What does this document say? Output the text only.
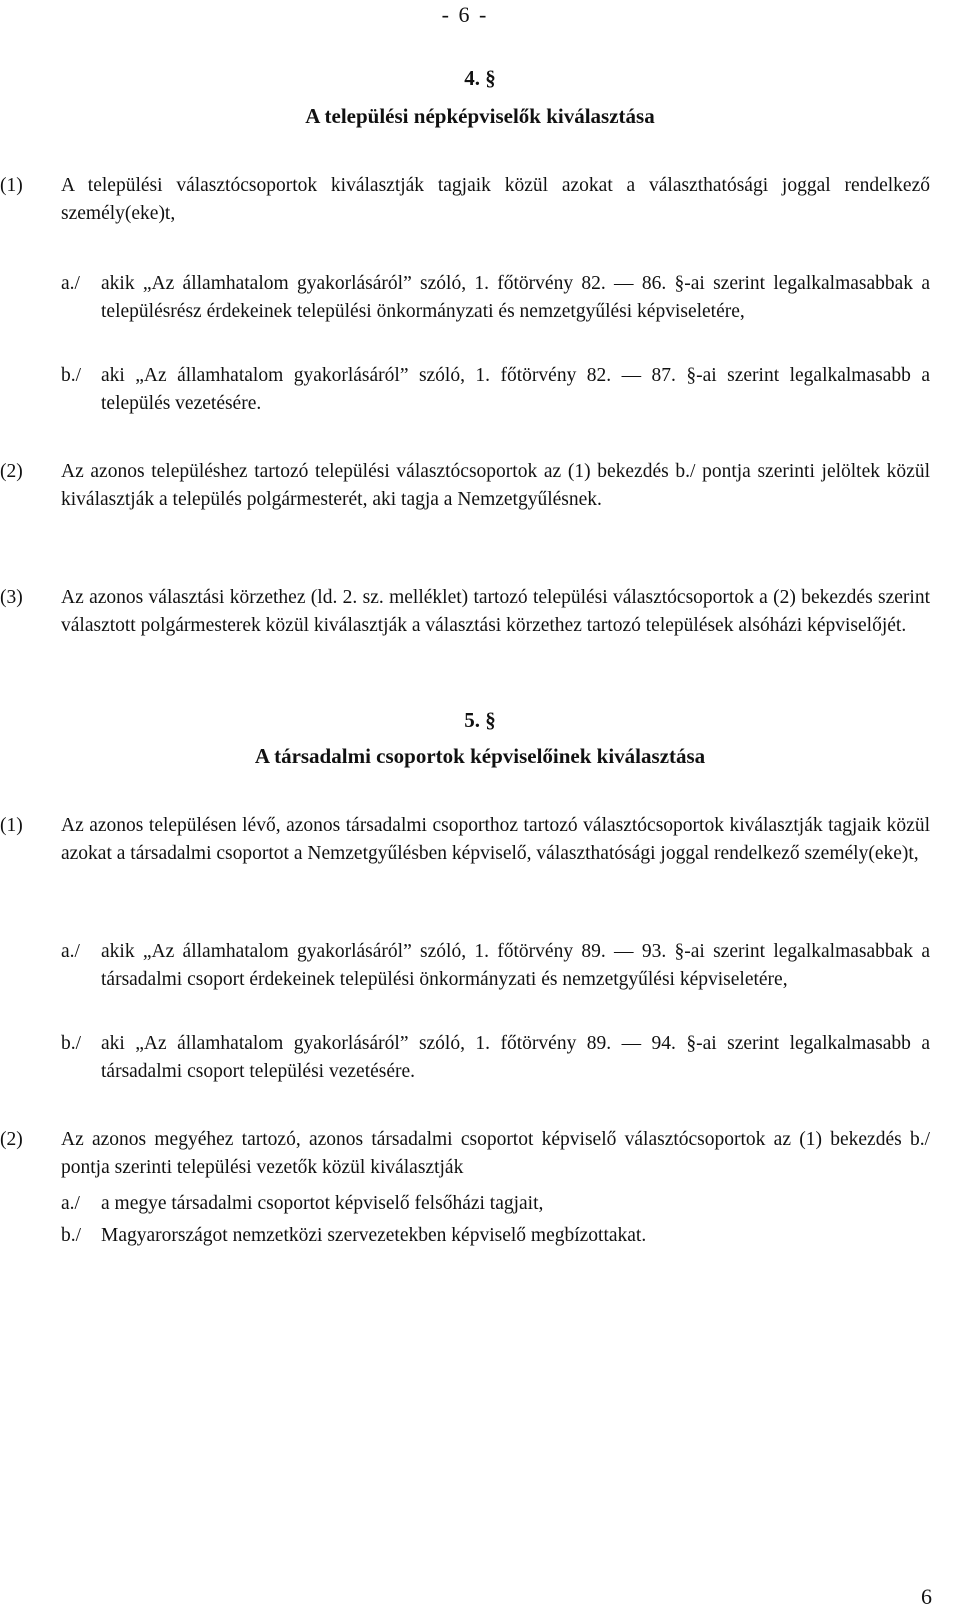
- 6 -
4. §
A települési népképviselők kiválasztása
(1) A települési választócsoportok kiválasztják tagjaik közül azokat a választhatósági joggal rendelkező személy(eke)t,
a./ akik „Az államhatalom gyakorlásáról” szóló, 1. főtörvény 82. — 86. §-ai szerint legalkalmasabbak a településrész érdekeinek települési önkormányzati és nemzetgyűlési képviseletére,
b./ aki „Az államhatalom gyakorlásáról” szóló, 1. főtörvény 82. — 87. §-ai szerint legalkalmasabb a település vezetésére.
(2) Az azonos településhez tartozó települési választócsoportok az (1) bekezdés b./ pontja szerinti jelöltek közül kiválasztják a település polgármesterét, aki tagja a Nemzetgyűlésnek.
(3) Az azonos választási körzethez (ld. 2. sz. melléklet) tartozó települési választócsoportok a (2) bekezdés szerint választott polgármesterek közül kiválasztják a választási körzethez tartozó települések alsóházi képviselőjét.
5. §
A társadalmi csoportok képviselőinek kiválasztása
(1) Az azonos településen lévő, azonos társadalmi csoporthoz tartozó választócsoportok kiválasztják tagjaik közül azokat a társadalmi csoportot a Nemzetgyűlésben képviselő, választhatósági joggal rendelkező személy(eke)t,
a./ akik „Az államhatalom gyakorlásáról” szóló, 1. főtörvény 89. — 93. §-ai szerint legalkalmasabbak a társadalmi csoport érdekeinek települési önkormányzati és nemzetgyűlési képviseletére,
b./ aki „Az államhatalom gyakorlásáról” szóló, 1. főtörvény 89. — 94. §-ai szerint legalkalmasabb a társadalmi csoport települési vezetésére.
(2) Az azonos megyéhez tartozó, azonos társadalmi csoportot képviselő választócsoportok az (1) bekezdés b./ pontja szerinti települési vezetők közül kiválasztják
a./ a megye társadalmi csoportot képviselő felsőházi tagjait,
b./ Magyarországot nemzetközi szervezetekben képviselő megbízottakat.
6
